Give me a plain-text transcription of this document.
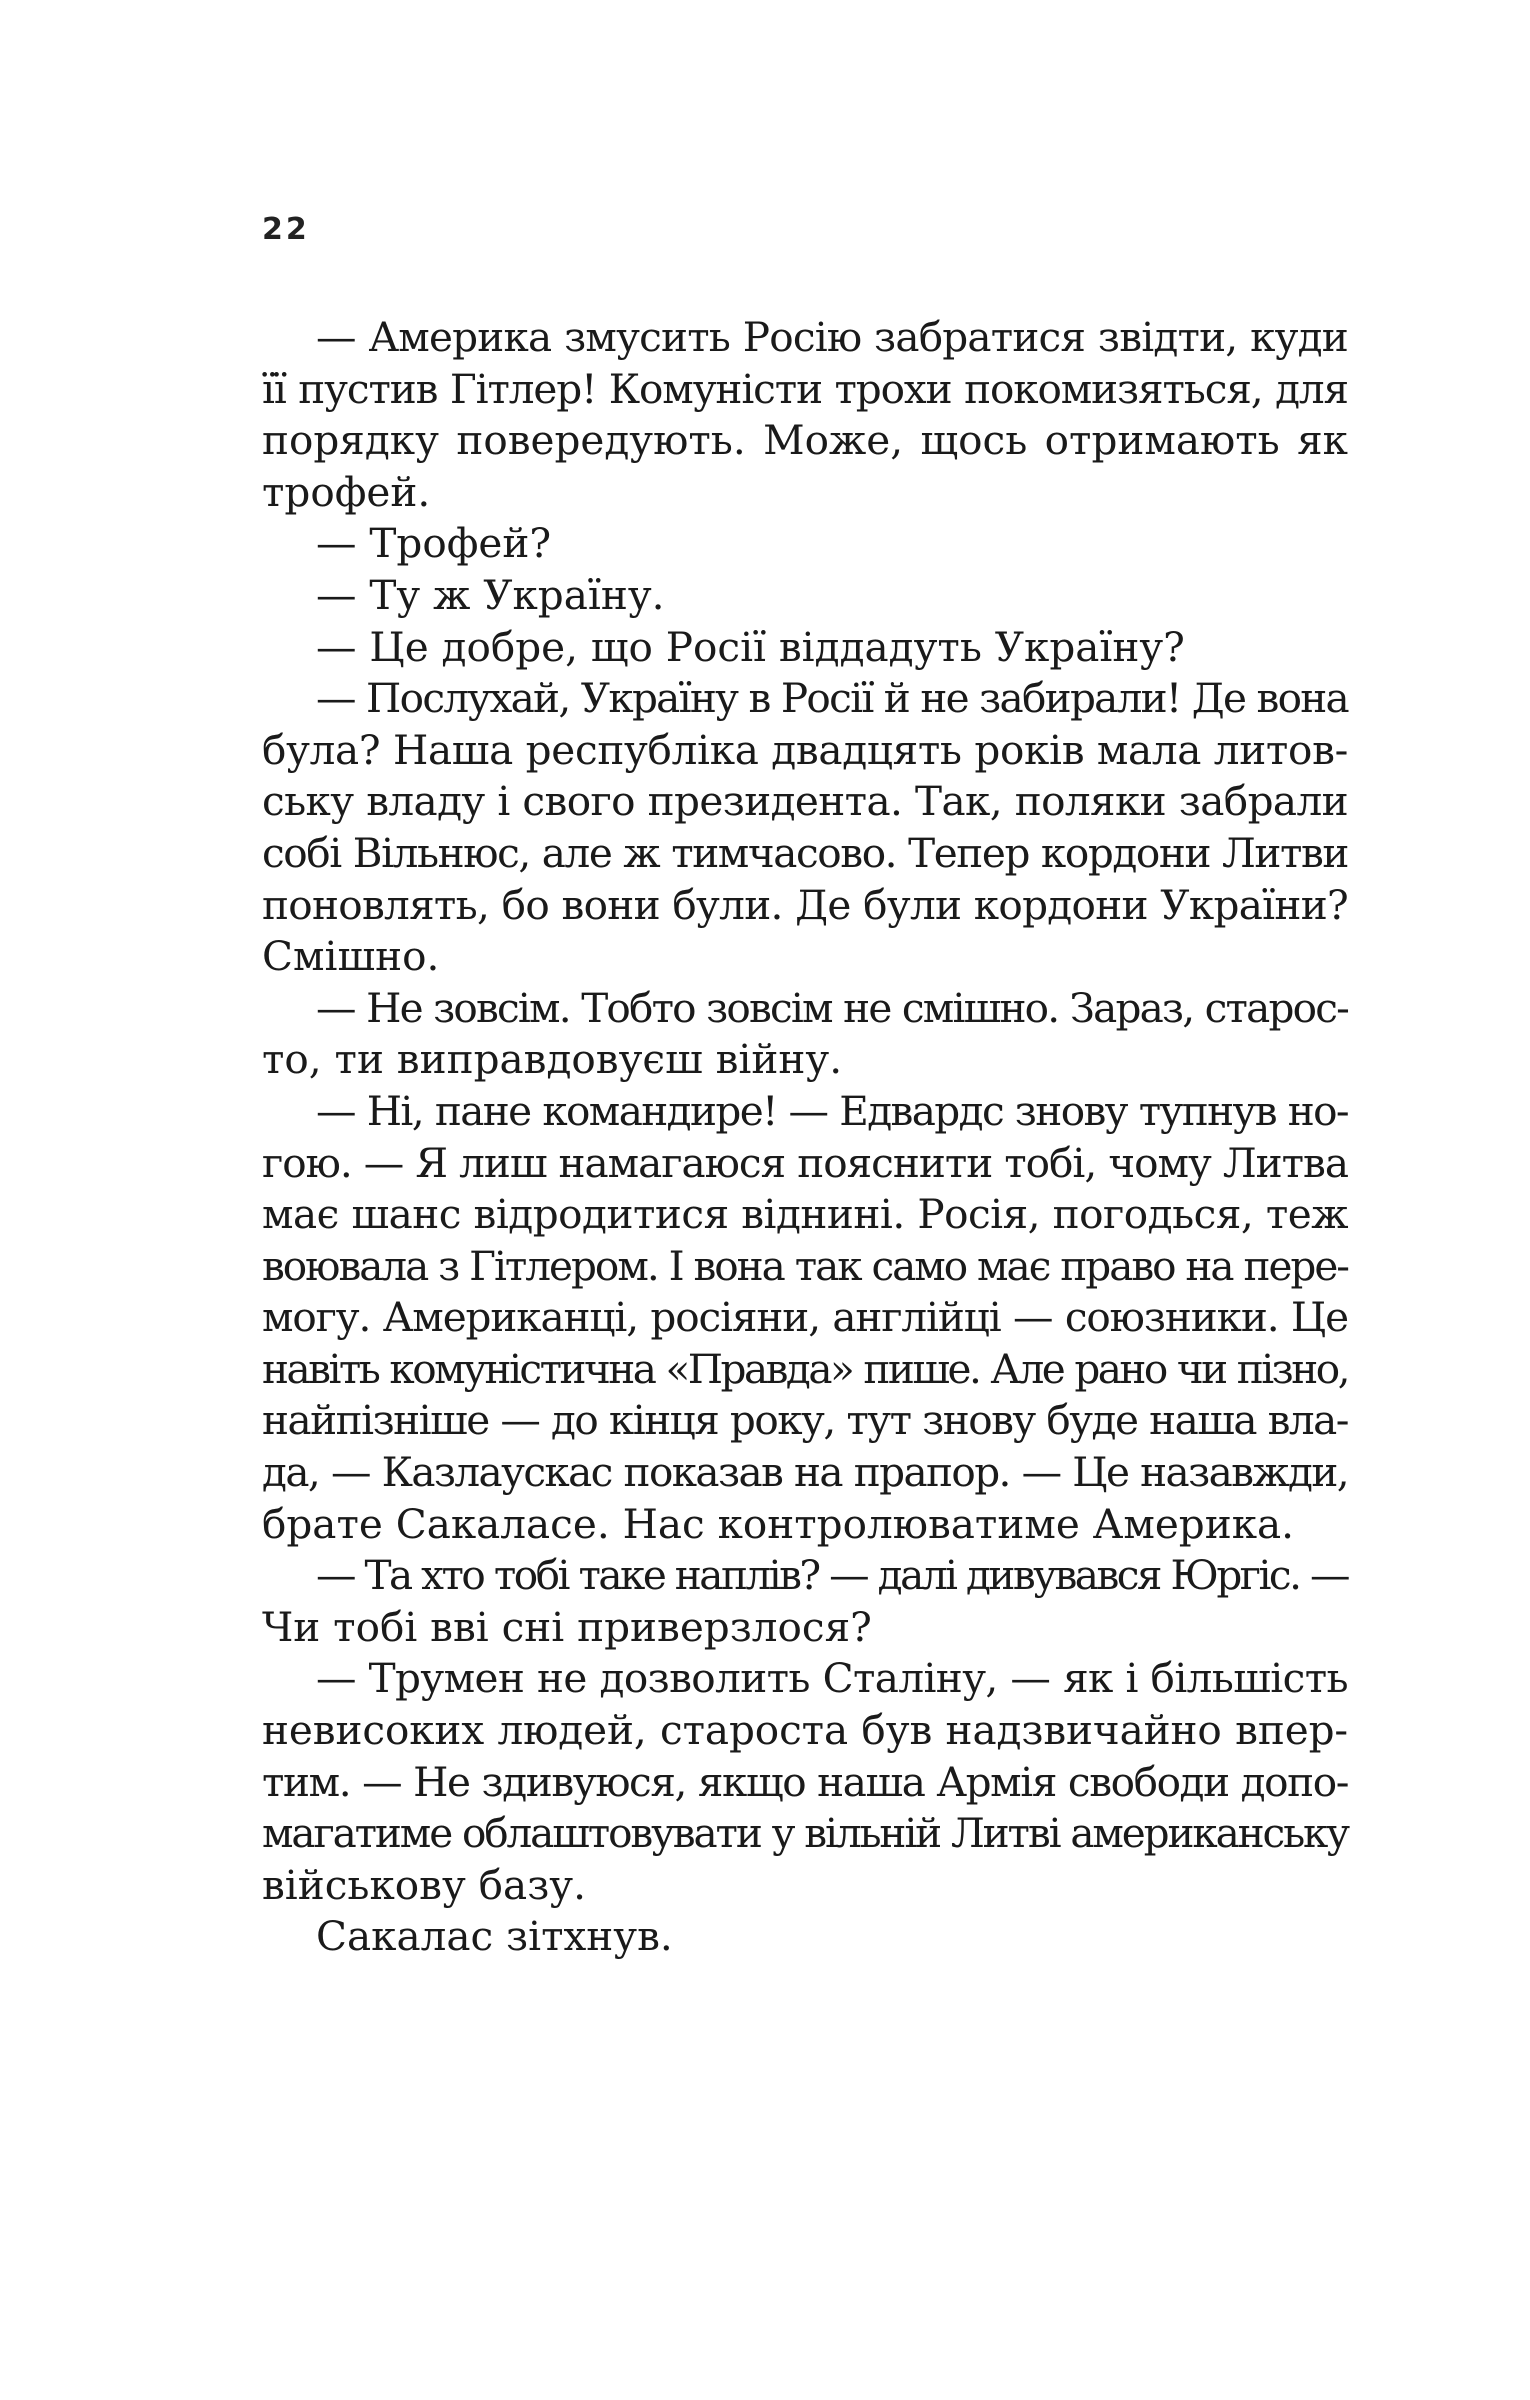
22
— Америка змусить Росію забратися звідти, куди
її пустив Гітлер! Комуністи трохи покомизяться, для
порядку повередують. Може, щось отримають як
трофей.
— Трофей?
— Ту ж Україну.
— Це добре, що Росії віддадуть Україну?
— Послухай, Україну в Росії й не забирали! Де вона
була? Наша республіка двадцять років мала литов-
ську владу і свого президента. Так, поляки забрали
собі Вільнюс, але ж тимчасово. Тепер кордони Литви
поновлять, бо вони були. Де були кордони України?
Смішно.
— Не зовсім. Тобто зовсім не смішно. Зараз, старос-
то, ти виправдовуєш війну.
— Ні, пане командире! — Едвардс знову тупнув но-
гою. — Я лиш намагаюся пояснити тобі, чому Литва
має шанс відродитися віднині. Росія, погодься, теж
воювала з Гітлером. І вона так само має право на пере-
могу. Американці, росіяни, англійці — союзники. Це
навіть комуністична «Правда» пише. Але рано чи пізно,
найпізніше — до кінця року, тут знову буде наша вла-
да, — Казлаускас показав на прапор. — Це назавжди,
брате Сакаласе. Нас контролюватиме Америка.
— Та хто тобі таке наплів? — далі дивувався Юргіс. —
Чи тобі вві сні приверзлося?
— Трумен не дозволить Сталіну, — як і більшість
невисоких людей, староста був надзвичайно впер-
тим. — Не здивуюся, якщо наша Армія свободи допо-
магатиме облаштовувати у вільній Литві американську
військову базу.
Сакалас зітхнув.
